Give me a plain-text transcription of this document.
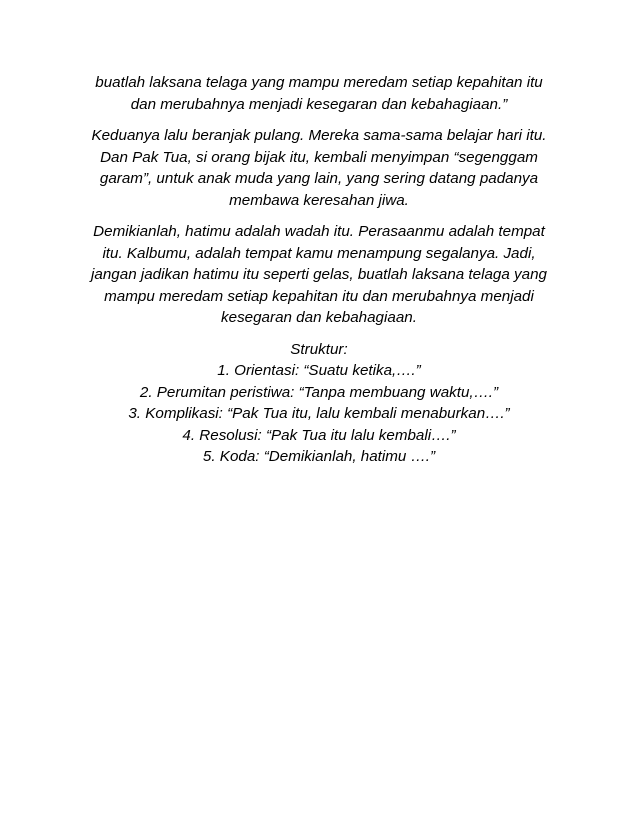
buatlah laksana telaga yang mampu meredam setiap kepahitan itu
dan merubahnya menjadi kesegaran dan kebahagiaan.”

Keduanya lalu beranjak pulang. Mereka sama-sama belajar hari itu.
Dan Pak Tua, si orang bijak itu, kembali menyimpan “segenggam
garam”, untuk anak muda yang lain, yang sering datang padanya
membawa keresahan jiwa.

Demikianlah, hatimu adalah wadah itu. Perasaanmu adalah tempat
itu. Kalbumu, adalah tempat kamu menampung segalanya. Jadi,
jangan jadikan hatimu itu seperti gelas, buatlah laksana telaga yang
mampu meredam setiap kepahitan itu dan merubahnya menjadi
kesegaran dan kebahagiaan.

Struktur:
1. Orientasi: “Suatu ketika,….”
2. Perumitan peristiwa: “Tanpa membuang waktu,….”
3. Komplikasi: “Pak Tua itu, lalu kembali menaburkan….”
4. Resolusi: “Pak Tua itu lalu kembali….”
5. Koda: “Demikianlah, hatimu ….”
